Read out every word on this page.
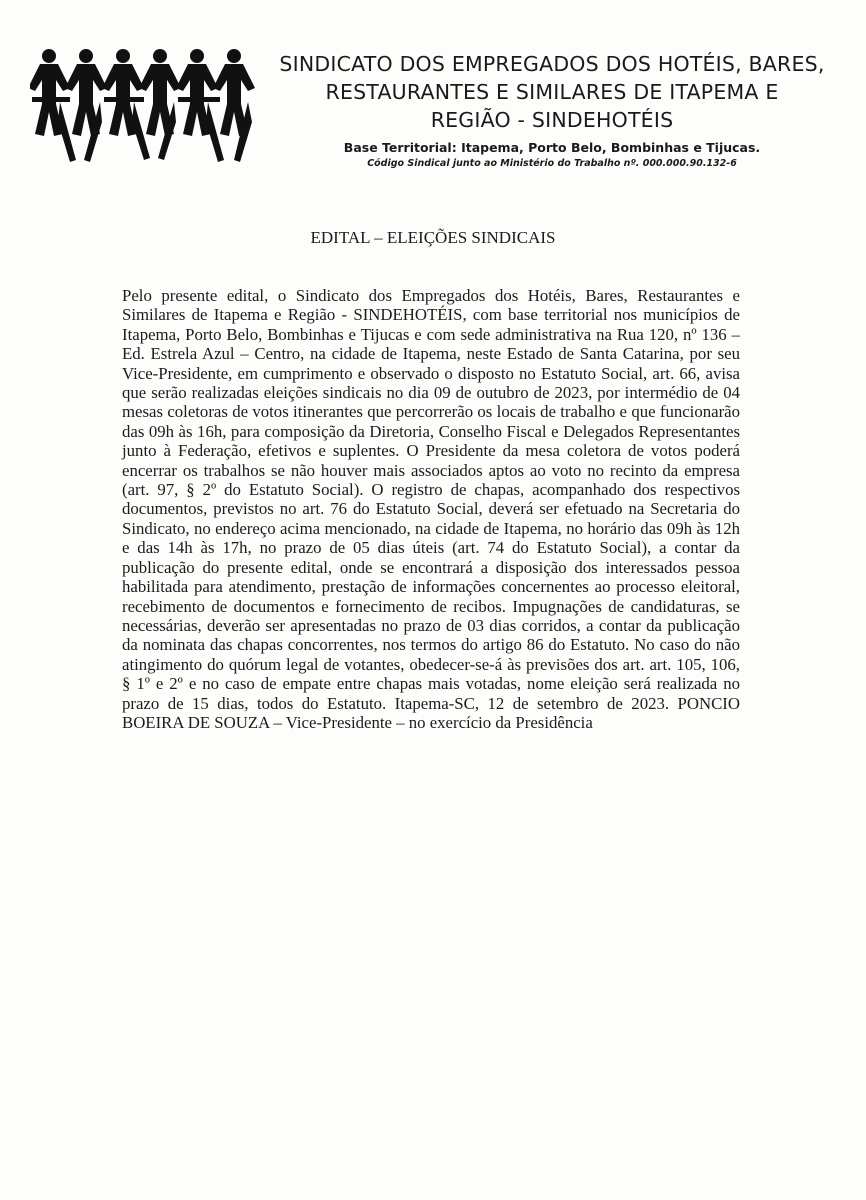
SINDICATO DOS EMPREGADOS DOS HOTÉIS, BARES,
RESTAURANTES E SIMILARES DE ITAPEMA E
REGIÃO - SINDEHOTÉIS
Base Territorial: Itapema, Porto Belo, Bombinhas e Tijucas.
Código Sindical junto ao Ministério do Trabalho nº. 000.000.90.132-6
EDITAL – ELEIÇÕES SINDICAIS

Pelo presente edital, o Sindicato dos Empregados dos Hotéis, Bares, Restaurantes e Similares de Itapema e Região - SINDEHOTÉIS, com base territorial nos municípios de Itapema, Porto Belo, Bombinhas e Tijucas e com sede administrativa na Rua 120, nº 136 – Ed. Estrela Azul – Centro, na cidade de Itapema, neste Estado de Santa Catarina, por seu Vice-Presidente, em cumprimento e observado o disposto no Estatuto Social, art. 66, avisa que serão realizadas eleições sindicais no dia 09 de outubro de 2023, por intermédio de 04 mesas coletoras de votos itinerantes que percorrerão os locais de trabalho e que funcionarão das 09h às 16h, para composição da Diretoria, Conselho Fiscal e Delegados Representantes junto à Federação, efetivos e suplentes. O Presidente da mesa coletora de votos poderá encerrar os trabalhos se não houver mais associados aptos ao voto no recinto da empresa (art. 97, § 2º do Estatuto Social). O registro de chapas, acompanhado dos respectivos documentos, previstos no art. 76 do Estatuto Social, deverá ser efetuado na Secretaria do Sindicato, no endereço acima mencionado, na cidade de Itapema, no horário das 09h às 12h e das 14h às 17h, no prazo de 05 dias úteis (art. 74 do Estatuto Social), a contar da publicação do presente edital, onde se encontrará a disposição dos interessados pessoa habilitada para atendimento, prestação de informações concernentes ao processo eleitoral, recebimento de documentos e fornecimento de recibos. Impugnações de candidaturas, se necessárias, deverão ser apresentadas no prazo de 03 dias corridos, a contar da publicação da nominata das chapas concorrentes, nos termos do artigo 86 do Estatuto. No caso do não atingimento do quórum legal de votantes, obedecer-se-á às previsões dos art. art. 105, 106, § 1º e 2º e no caso de empate entre chapas mais votadas, nome eleição será realizada no prazo de 15 dias, todos do Estatuto. Itapema-SC, 12 de setembro de 2023. PONCIO BOEIRA DE SOUZA – Vice-Presidente – no exercício da Presidência
